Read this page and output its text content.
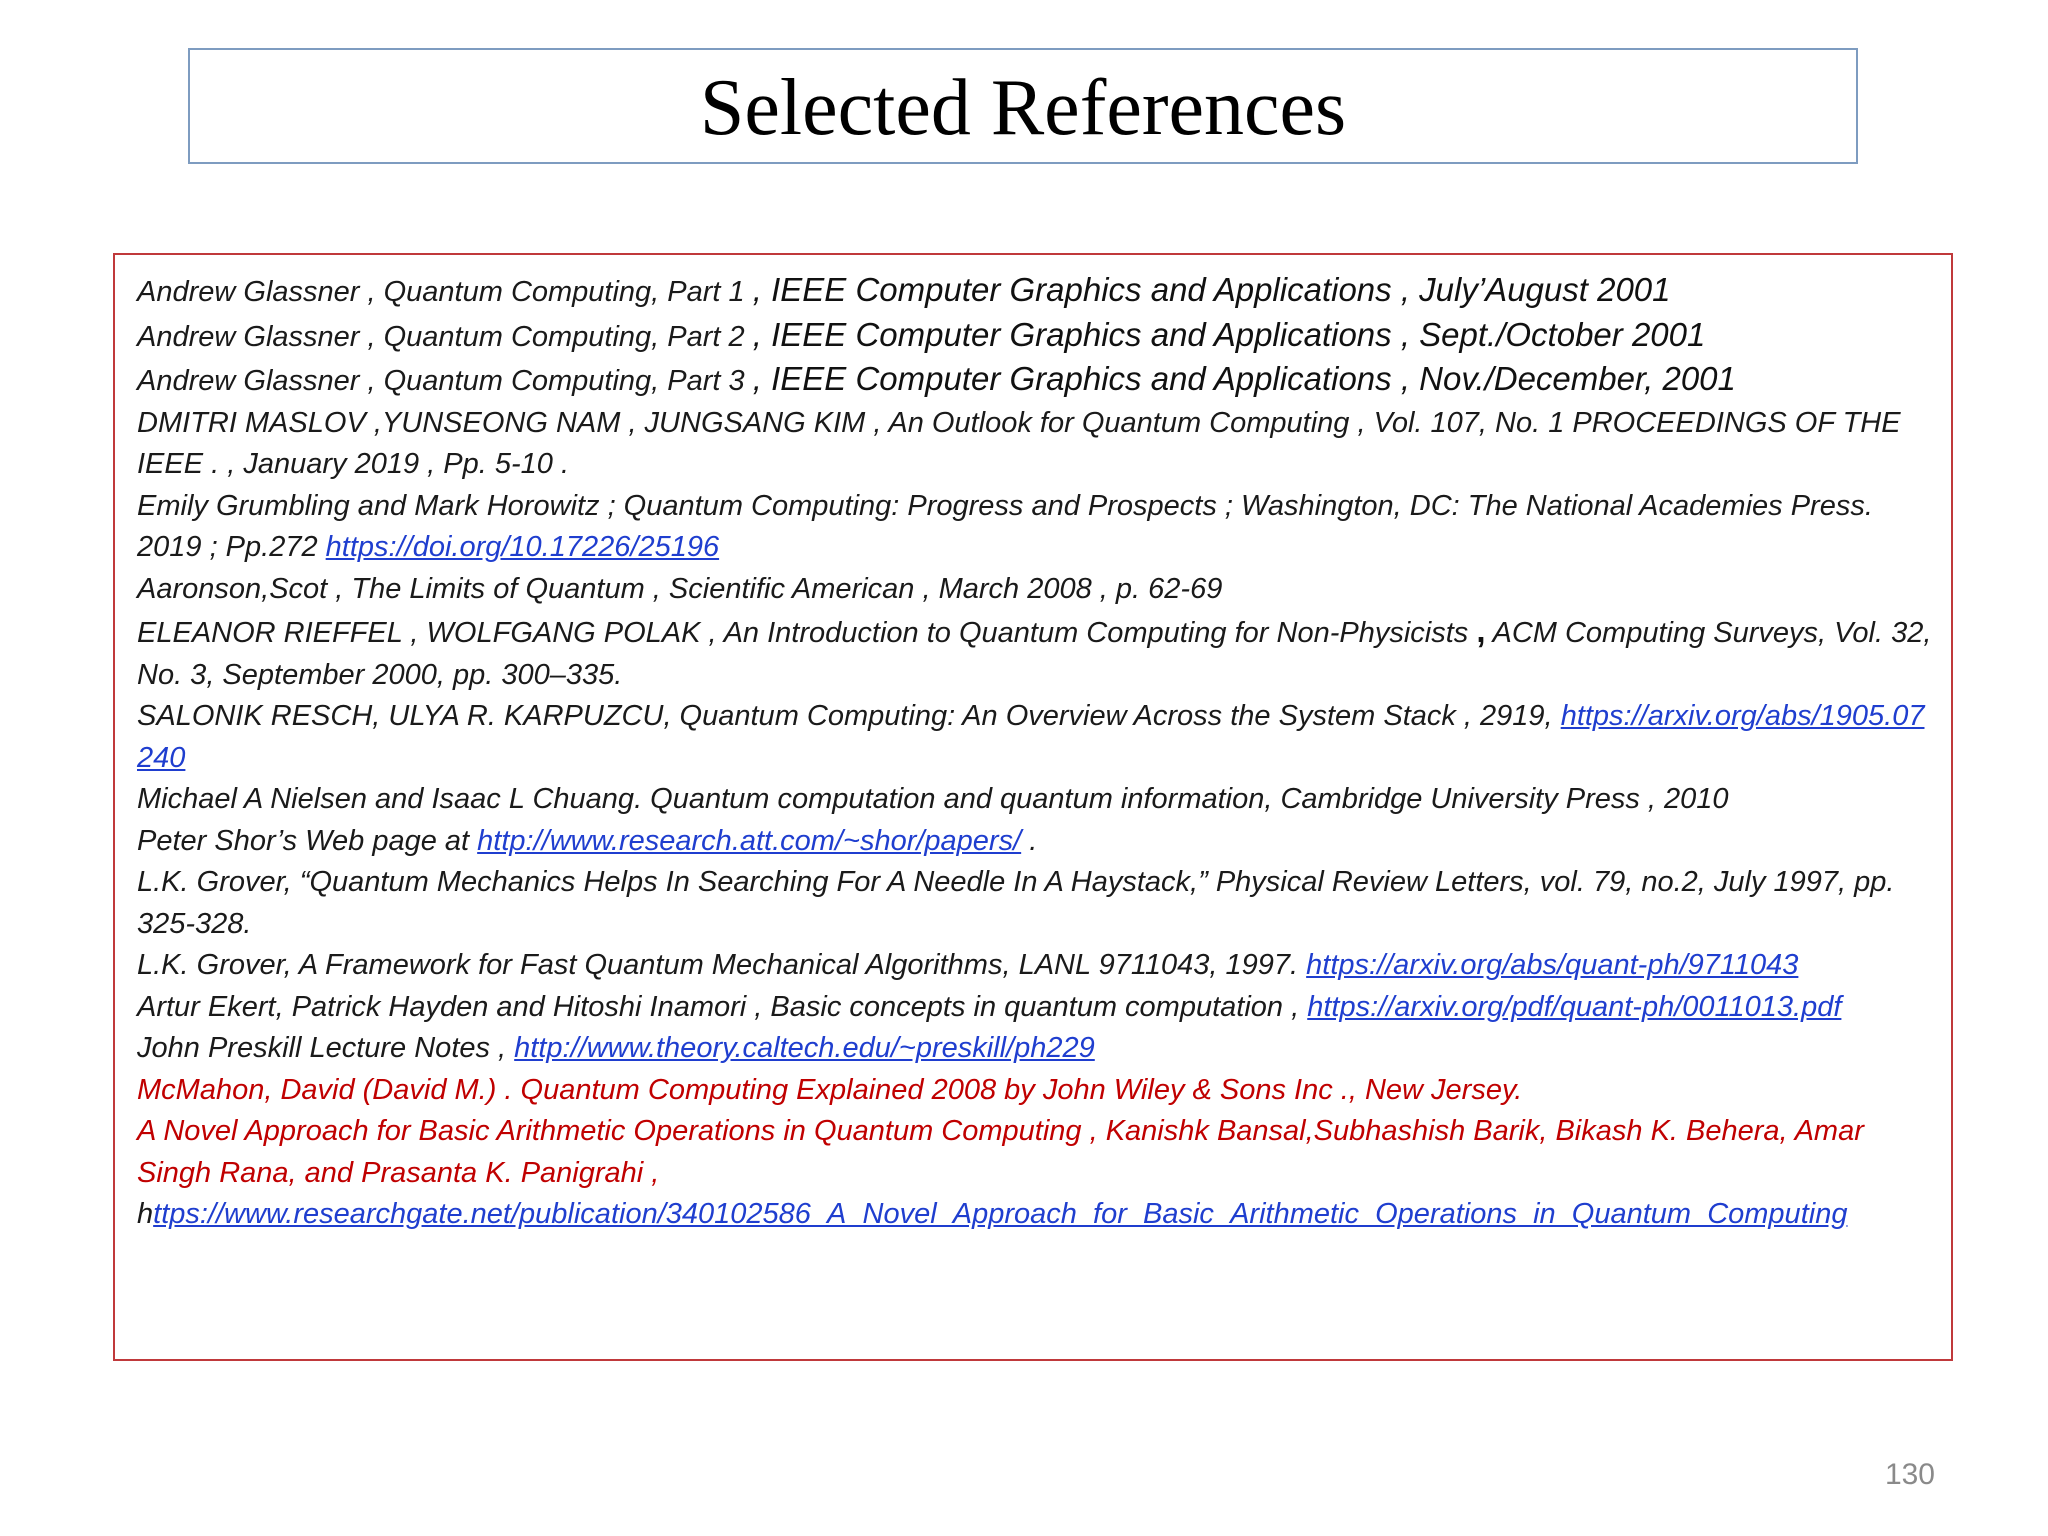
Selected References

Andrew Glassner , Quantum Computing, Part 1 , IEEE Computer Graphics and Applications , July’August 2001

Andrew Glassner , Quantum Computing, Part 2 , IEEE Computer Graphics and Applications , Sept./October 2001

Andrew Glassner , Quantum Computing, Part 3 , IEEE Computer Graphics and Applications , Nov./December, 2001

DMITRI MASLOV ,YUNSEONG NAM , JUNGSANG KIM , An Outlook for Quantum Computing , Vol. 107, No. 1 PROCEEDINGS OF THE IEEE . , January 2019 , Pp. 5-10 .

Emily Grumbling and Mark Horowitz ; Quantum Computing: Progress and Prospects ; Washington, DC: The National Academies Press. 2019 ; Pp.272 https://doi.org/10.17226/25196

Aaronson,Scot , The Limits of Quantum , Scientific American , March 2008 , p. 62-69

ELEANOR RIEFFEL , WOLFGANG POLAK , An Introduction to Quantum Computing for Non-Physicists , ACM Computing Surveys, Vol. 32, No. 3, September 2000, pp. 300–335.

SALONIK RESCH, ULYA R. KARPUZCU, Quantum Computing: An Overview Across the System Stack , 2919, https://arxiv.org/abs/1905.07240

Michael A Nielsen and Isaac L Chuang. Quantum computation and quantum information, Cambridge University Press , 2010

Peter Shor’s Web page at http://www.research.att.com/~shor/papers/ .

L.K. Grover, “Quantum Mechanics Helps In Searching For A Needle In A Haystack,” Physical Review Letters, vol. 79, no.2, July 1997, pp. 325-328.

L.K. Grover, A Framework for Fast Quantum Mechanical Algorithms, LANL 9711043, 1997. https://arxiv.org/abs/quant-ph/9711043

Artur Ekert, Patrick Hayden and Hitoshi Inamori , Basic concepts in quantum computation , https://arxiv.org/pdf/quant-ph/0011013.pdf

John Preskill Lecture Notes , http://www.theory.caltech.edu/~preskill/ph229

McMahon, David (David M.) . Quantum Computing Explained 2008 by John Wiley & Sons Inc ., New Jersey.

A Novel Approach for Basic Arithmetic Operations in Quantum Computing , Kanishk Bansal,Subhashish Barik, Bikash K. Behera, Amar Singh Rana, and Prasanta K. Panigrahi ,

https://www.researchgate.net/publication/340102586_A_Novel_Approach_for_Basic_Arithmetic_Operations_in_Quantum_Computing

130
